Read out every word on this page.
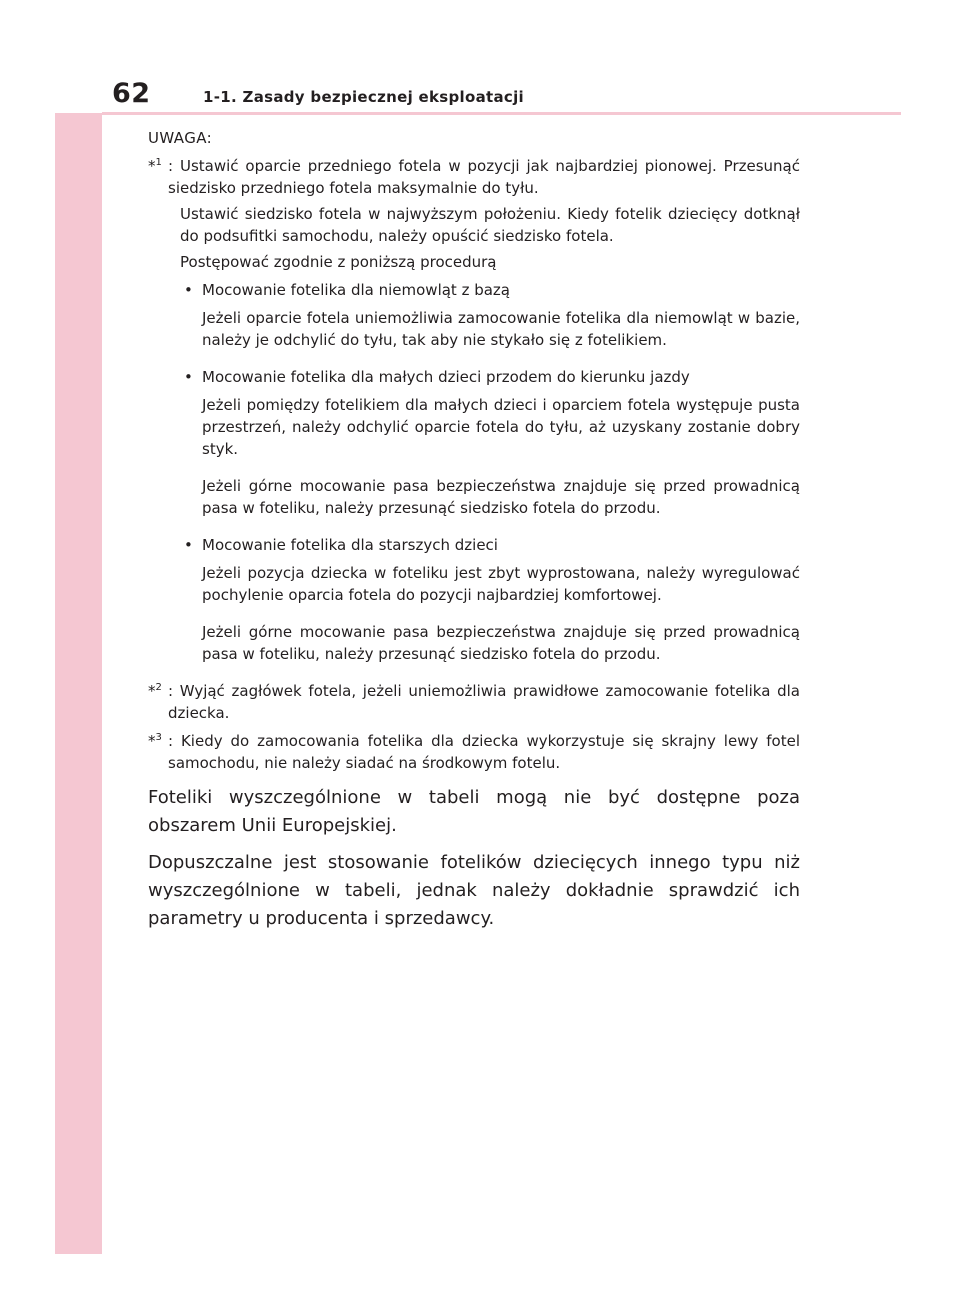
62	1-1. Zasady bezpiecznej eksploatacji
UWAGA:
*$^1$ : Ustawić oparcie przedniego fotela w pozycji jak najbardziej pionowej. Przesunąć siedzisko przedniego fotela maksymalnie do tyłu.

Ustawić siedzisko fotela w najwyższym położeniu. Kiedy fotelik dziecięcy dotknął do podsufitki samochodu, należy opuścić siedzisko fotela.

Postępować zgodnie z poniższą procedurą

• Mocowanie fotelika dla niemowląt z bazą

Jeżeli oparcie fotela uniemożliwia zamocowanie fotelika dla niemowląt w bazie, należy je odchylić do tyłu, tak aby nie stykało się z fotelikiem.

• Mocowanie fotelika dla małych dzieci przodem do kierunku jazdy

Jeżeli pomiędzy fotelikiem dla małych dzieci i oparciem fotela występuje pusta przestrzeń, należy odchylić oparcie fotela do tyłu, aż uzyskany zostanie dobry styk.

Jeżeli górne mocowanie pasa bezpieczeństwa znajduje się przed prowadnicą pasa w foteliku, należy przesunąć siedzisko fotela do przodu.

• Mocowanie fotelika dla starszych dzieci

Jeżeli pozycja dziecka w foteliku jest zbyt wyprostowana, należy wyregulować pochylenie oparcia fotela do pozycji najbardziej komfortowej.

Jeżeli górne mocowanie pasa bezpieczeństwa znajduje się przed prowadnicą pasa w foteliku, należy przesunąć siedzisko fotela do przodu.

*$^2$ : Wyjąć zagłówek fotela, jeżeli uniemożliwia prawidłowe zamocowanie fotelika dla dziecka.

*$^3$ : Kiedy do zamocowania fotelika dla dziecka wykorzystuje się skrajny lewy fotel samochodu, nie należy siadać na środkowym fotelu.

Foteliki wyszczególnione w tabeli mogą nie być dostępne poza obszarem Unii Europejskiej.

Dopuszczalne jest stosowanie fotelików dziecięcych innego typu niż wyszczególnione w tabeli, jednak należy dokładnie sprawdzić ich parametry u producenta i sprzedawcy.
